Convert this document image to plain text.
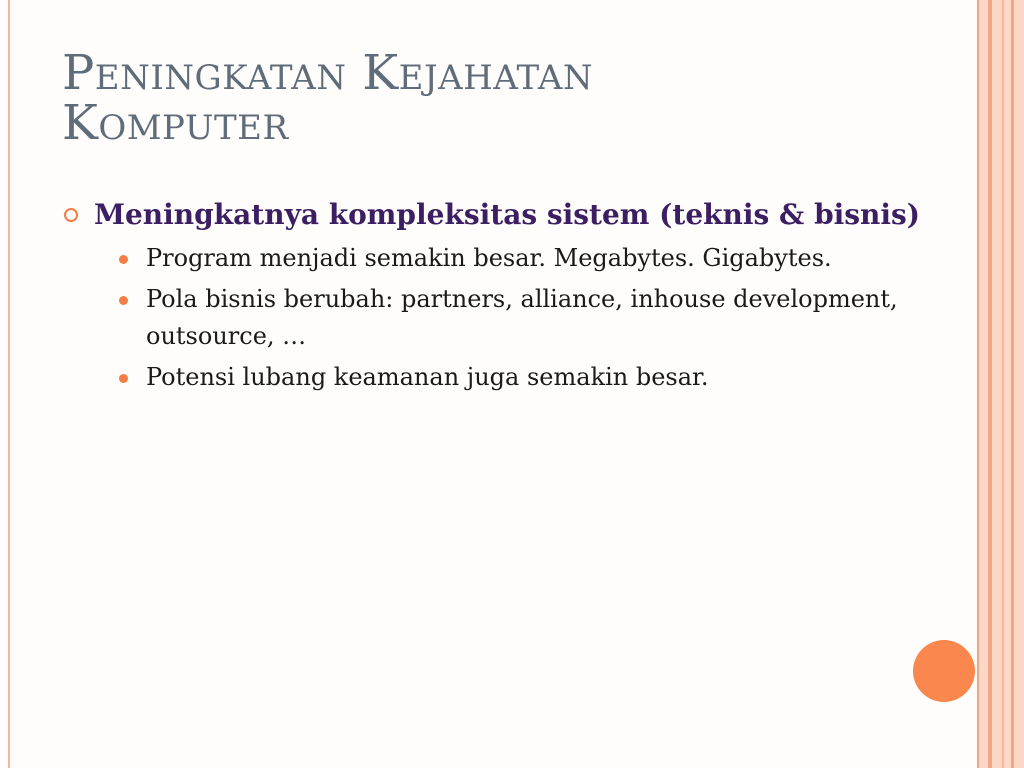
Peningkatan Kejahatan
Komputer
Meningkatnya kompleksitas sistem (teknis & bisnis)
Program menjadi semakin besar. Megabytes. Gigabytes.
Pola bisnis berubah: partners, alliance, inhouse development, outsource, …
Potensi lubang keamanan juga semakin besar.
